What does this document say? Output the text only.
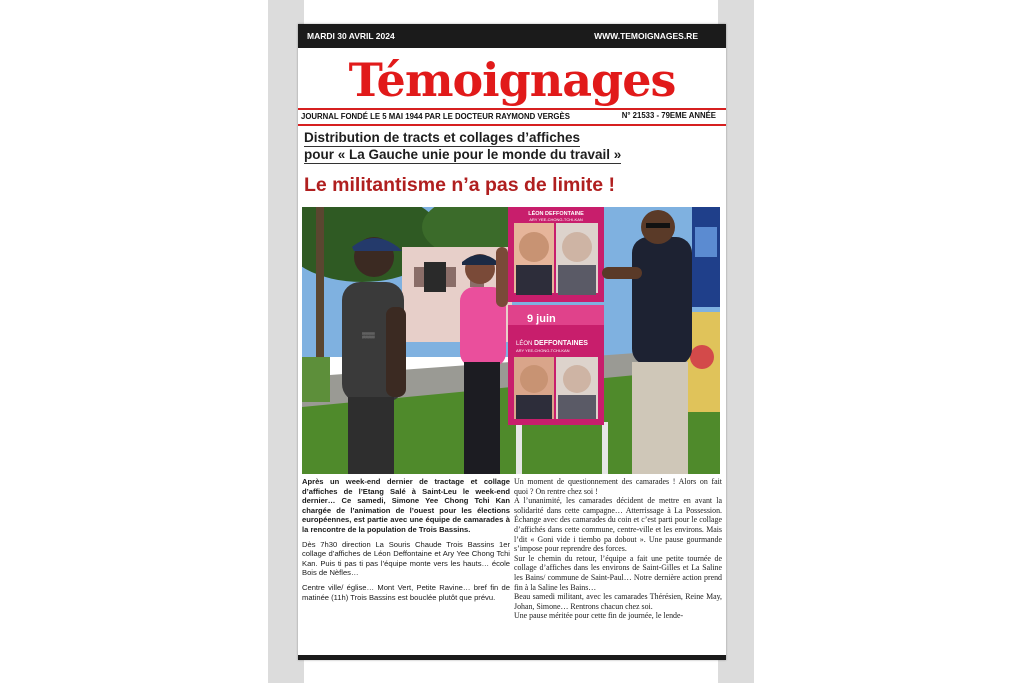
MARDI 30 AVRIL 2024	WWW.TEMOIGNAGES.RE
Témoignages
JOURNAL FONDÉ LE 5 MAI 1944 PAR LE DOCTEUR RAYMOND VERGÈS	N° 21533 - 79EME ANNÉE
Distribution de tracts et collages d’affiches
pour « La Gauche unie pour le monde du travail »
Le militantisme n’a pas de limite !
LÉON DEFFONTAINE
ARY YEE-CHONG-TCHI-KAN
9 juin
LÉON DEFFONTAINES
ARY YEE-CHONG-TCHI-KAN
▒▒▒

Après un week-end dernier de tractage et collage d’affiches de l’Etang Salé à Saint-Leu le week-end dernier… Ce samedi, Simone Yee Chong Tchi Kan chargée de l’animation de l’ouest pour les élections européennes, est partie avec une équipe de camarades à la rencontre de la population de Trois Bassins.

Dès 7h30 direction La Souris Chaude Trois Bassins 1er collage d’affiches de Léon Deffontaine et Ary Yee Chong Tchi Kan. Puis ti pas ti pas l’équipe monte vers les hauts… école Bois de Nèfles…

Centre ville/ église… Mont Vert, Petite Ravine… bref fin de matinée (11h) Trois Bassins est bouclée plutôt que prévu.

Un moment de questionnement des camarades ! Alors on fait quoi ? On rentre chez soi !

A l’unanimité, les camarades décident de mettre en avant la solidarité dans cette campagne… Atterrissage à La Possession. Échange avec des camarades du coin et c’est parti pour le collage d’affichés dans cette commune, centre-ville et les environs. Mais l’dit « Goni vide i tiembo pa dobout ». Une pause gourmande s’impose pour reprendre des forces.

Sur le chemin du retour, l’équipe a fait une petite tournée de collage d’affiches dans les environs de Saint-Gilles et La Saline les Bains/ commune de Saint-Paul… Notre dernière action prend fin à la Saline les Bains…

Beau samedi militant, avec les camarades Thérésien, Reine May, Johan, Simone… Rentrons chacun chez soi.

Une pause méritée pour cette fin de journée, le lende-
